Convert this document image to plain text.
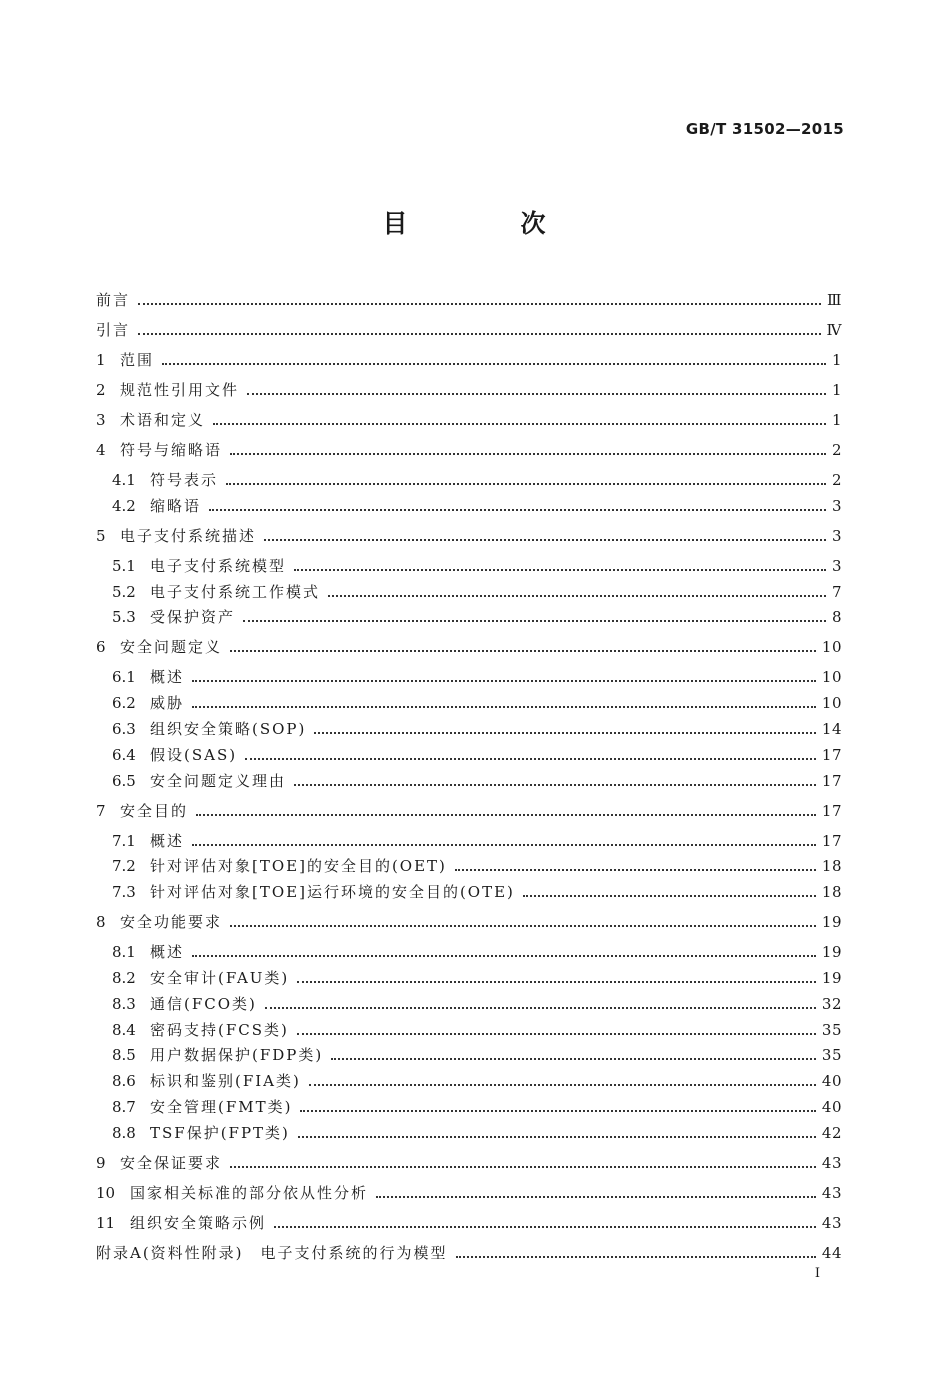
GB/T 31502—2015
目　次
前言	Ⅲ
引言	Ⅳ
1 范围	1
2 规范性引用文件	1
3 术语和定义	1
4 符号与缩略语	2
4.1 符号表示	2
4.2 缩略语	3
5 电子支付系统描述	3
5.1 电子支付系统模型	3
5.2 电子支付系统工作模式	7
5.3 受保护资产	8
6 安全问题定义	10
6.1 概述	10
6.2 威胁	10
6.3 组织安全策略(SOP)	14
6.4 假设(SAS)	17
6.5 安全问题定义理由	17
7 安全目的	17
7.1 概述	17
7.2 针对评估对象[TOE]的安全目的(OET)	18
7.3 针对评估对象[TOE]运行环境的安全目的(OTE)	18
8 安全功能要求	19
8.1 概述	19
8.2 安全审计(FAU类)	19
8.3 通信(FCO类)	32
8.4 密码支持(FCS类)	35
8.5 用户数据保护(FDP类)	35
8.6 标识和鉴别(FIA类)	40
8.7 安全管理(FMT类)	40
8.8 TSF保护(FPT类)	42
9 安全保证要求	43
10 国家相关标准的部分依从性分析	43
11 组织安全策略示例	43
附录A(资料性附录)　电子支付系统的行为模型	44
Ⅰ
